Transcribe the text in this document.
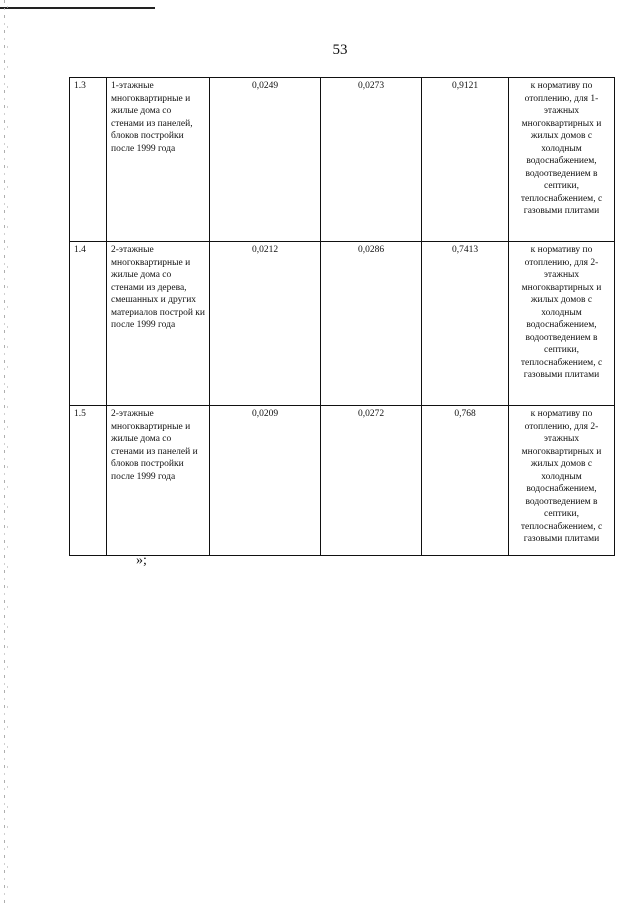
53
1.3	1-этажные многоквартирные и жилые дома со стенами из панелей, блоков постройки после 1999 года	0,0249	0,0273	0,9121	к нормативу по отоплению, для 1-этажных многоквартирных и жилых домов с холодным водоснабжением, водоотведением в септики, теплоснабжением, с газовыми плитами
1.4	2-этажные многоквартирные и жилые дома со стенами из дерева, смешанных и других материалов построй ки после 1999 года	0,0212	0,0286	0,7413	к нормативу по отоплению, для 2-этажных многоквартирных и жилых домов с холодным водоснабжением, водоотведением в септики, теплоснабжением, с газовыми плитами
1.5	2-этажные многоквартирные и жилые дома со стенами из панелей и блоков постройки после 1999 года	0,0209	0,0272	0,768	к нормативу по отоплению, для 2-этажных многоквартирных и жилых домов с холодным водоснабжением, водоотведением в септики, теплоснабжением, с газовыми плитами
»;
